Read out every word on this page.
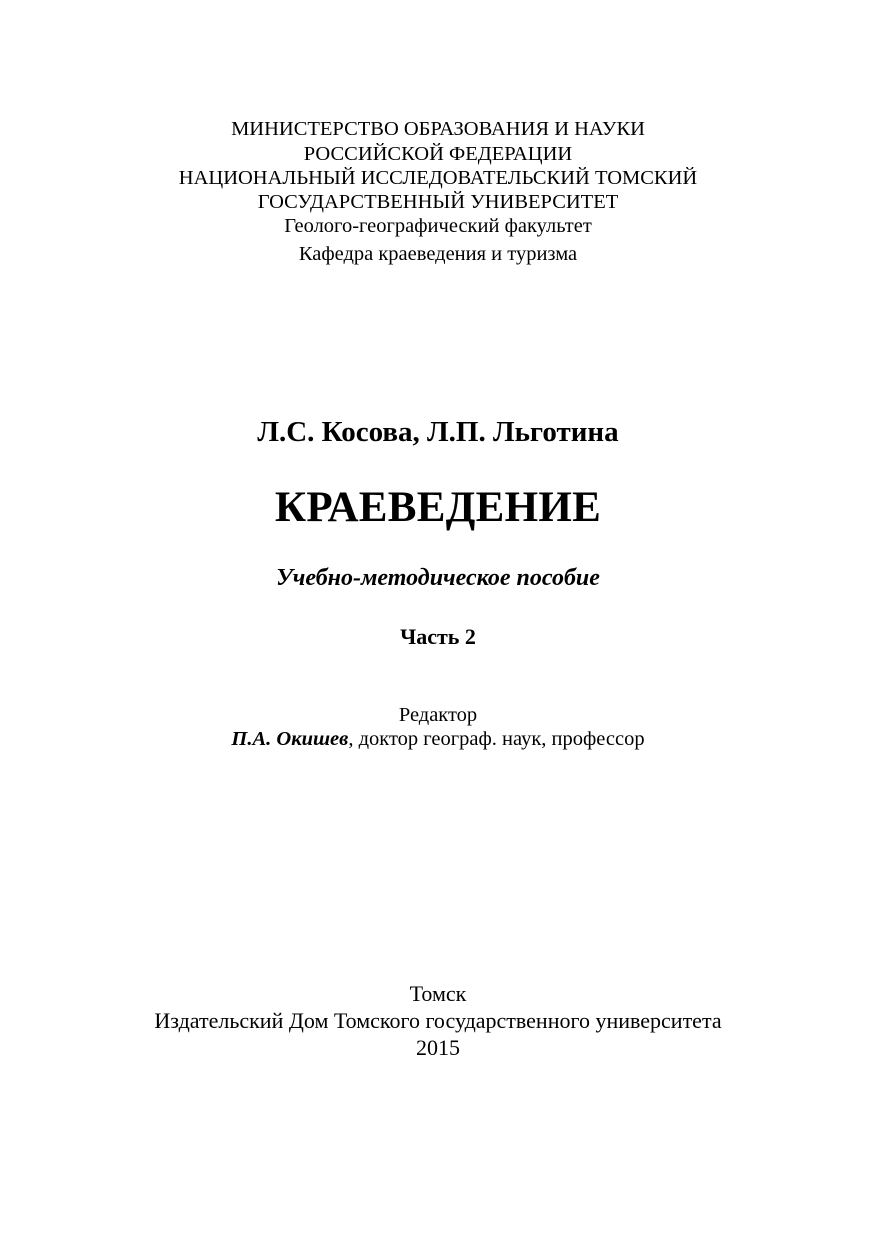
МИНИСТЕРСТВО ОБРАЗОВАНИЯ И НАУКИ
РОССИЙСКОЙ ФЕДЕРАЦИИ
НАЦИОНАЛЬНЫЙ ИССЛЕДОВАТЕЛЬСКИЙ ТОМСКИЙ
ГОСУДАРСТВЕННЫЙ УНИВЕРСИТЕТ
Геолого-географический факультет
Кафедра краеведения и туризма
Л.С. Косова, Л.П. Льготина
КРАЕВЕДЕНИЕ
Учебно-методическое пособие
Часть 2
Редактор
П.А. Окишев, доктор географ. наук, профессор
Томск
Издательский Дом Томского государственного университета
2015
